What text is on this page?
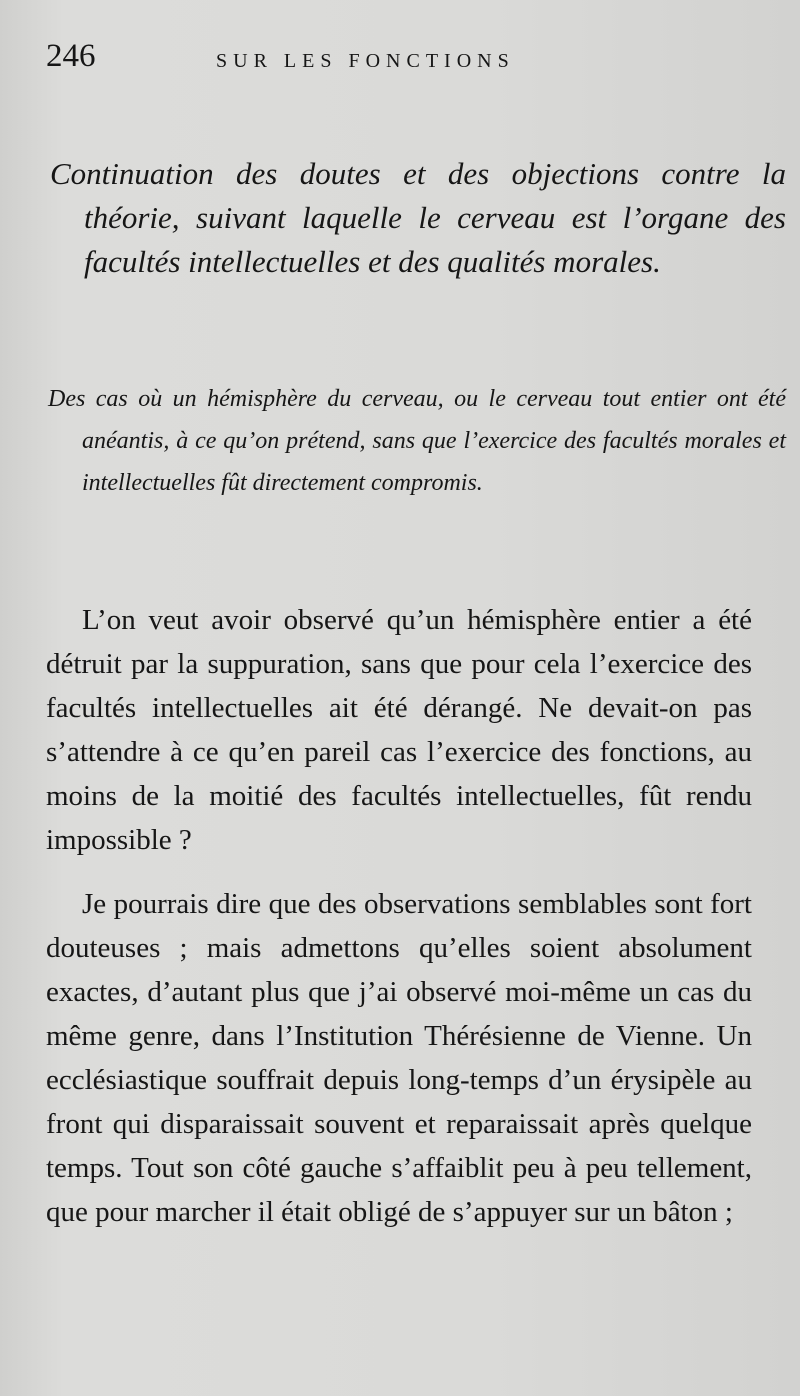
246	SUR LES FONCTIONS

Continuation des doutes et des objections contre la théorie, suivant laquelle le cerveau est l’organe des facultés intellectuelles et des qualités morales.

Des cas où un hémisphère du cerveau, ou le cerveau tout entier ont été anéantis, à ce qu’on prétend, sans que l’exercice des facultés morales et intellectuelles fût directement compromis.

L’on veut avoir observé qu’un hémisphère entier a été détruit par la suppuration, sans que pour cela l’exercice des facultés intellectuelles ait été dérangé. Ne devait-on pas s’attendre à ce qu’en pareil cas l’exercice des fonctions, au moins de la moitié des facultés intellectuelles, fût rendu impossible ?

Je pourrais dire que des observations semblables sont fort douteuses ; mais admettons qu’elles soient absolument exactes, d’autant plus que j’ai observé moi-même un cas du même genre, dans l’Institution Thérésienne de Vienne. Un ecclésiastique souffrait depuis long-temps d’un érysipèle au front qui disparaissait souvent et reparaissait après quelque temps. Tout son côté gauche s’affaiblit peu à peu tellement, que pour marcher il était obligé de s’appuyer sur un bâton ;
